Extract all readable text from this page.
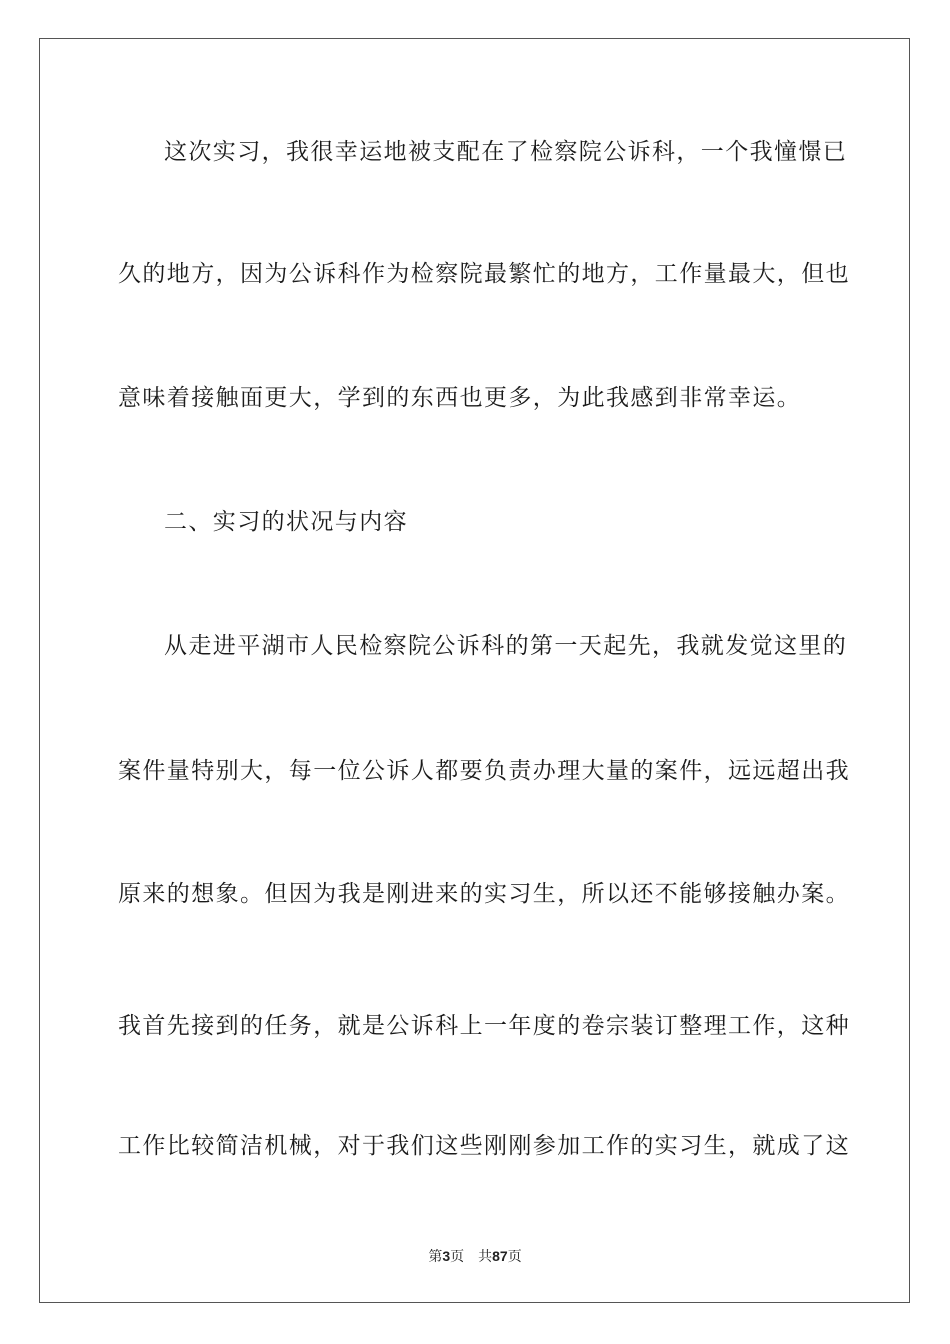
这次实习，我很幸运地被支配在了检察院公诉科，一个我憧憬已
久的地方，因为公诉科作为检察院最繁忙的地方，工作量最大，但也
意味着接触面更大，学到的东西也更多，为此我感到非常幸运。
二、实习的状况与内容
从走进平湖市人民检察院公诉科的第一天起先，我就发觉这里的
案件量特别大，每一位公诉人都要负责办理大量的案件，远远超出我
原来的想象。但因为我是刚进来的实习生，所以还不能够接触办案。
我首先接到的任务，就是公诉科上一年度的卷宗装订整理工作，这种
工作比较简洁机械，对于我们这些刚刚参加工作的实习生，就成了这
第3页 共87页
